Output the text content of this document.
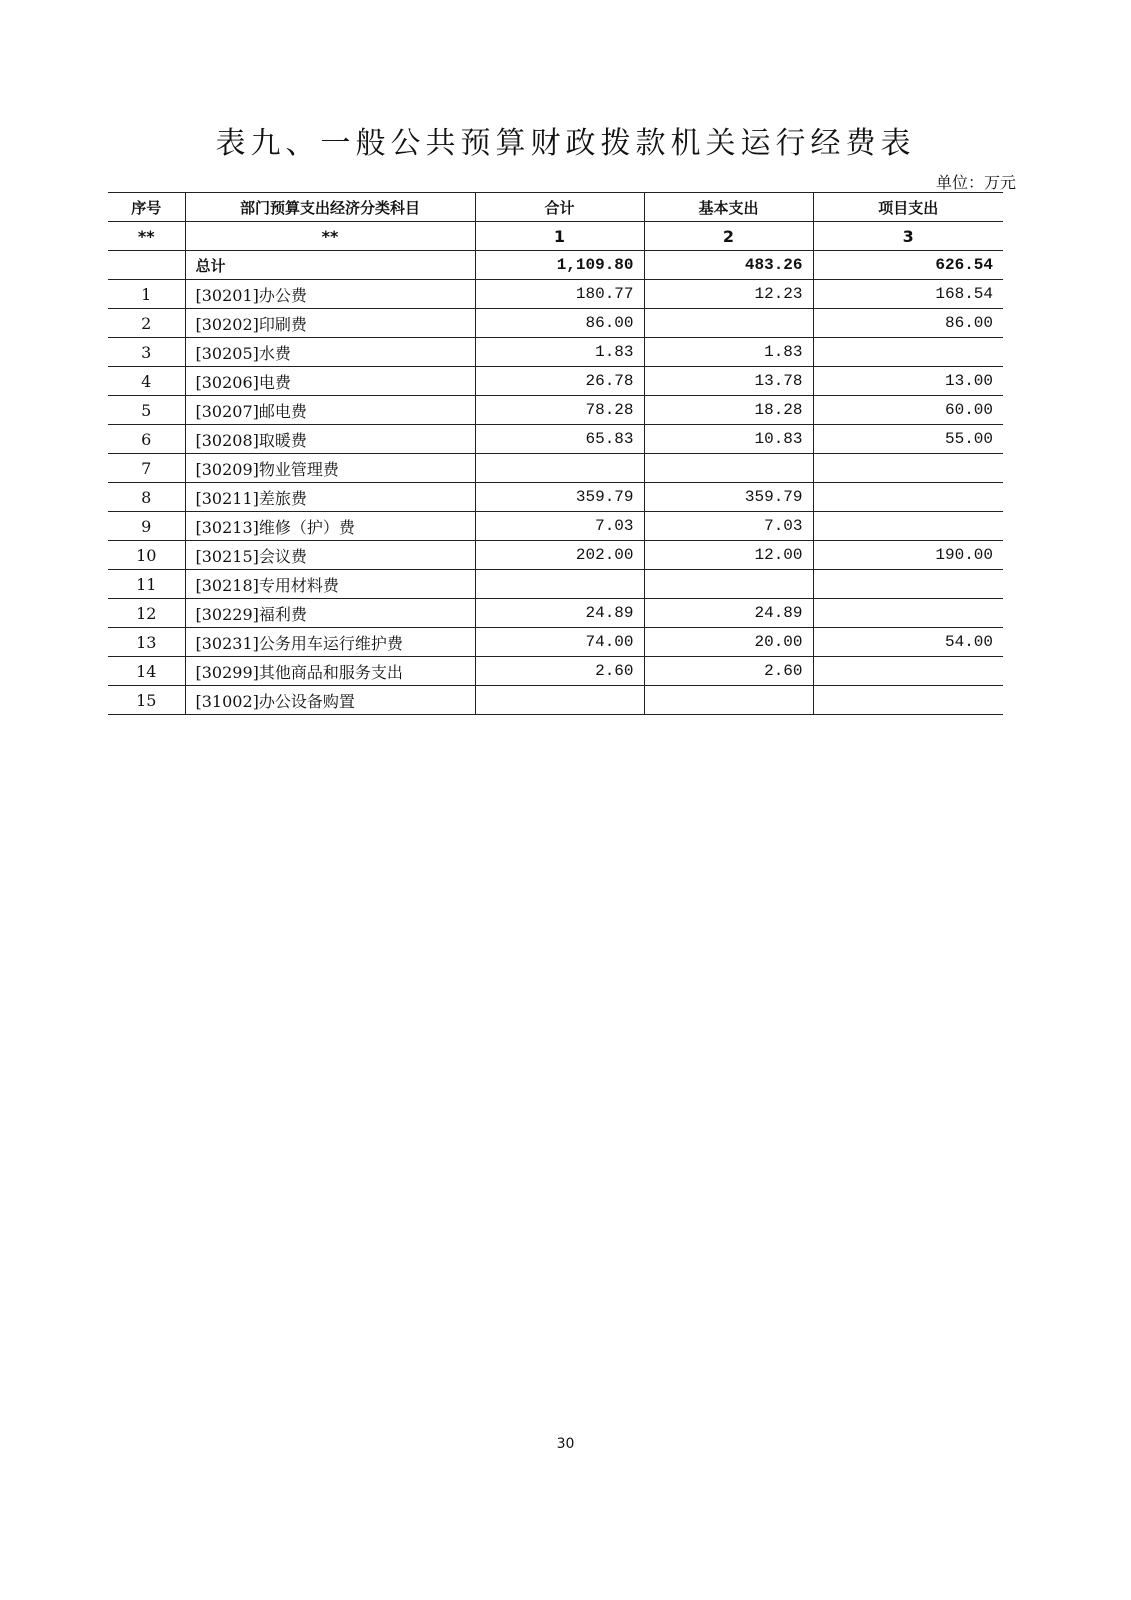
表九、一般公共预算财政拨款机关运行经费表
单位：万元
序号	部门预算支出经济分类科目	合计	基本支出	项目支出
**	**	1	2	3
	总计	1,109.80	483.26	626.54
1	[30201]办公费	180.77	12.23	168.54
2	[30202]印刷费	86.00		86.00
3	[30205]水费	1.83	1.83	
4	[30206]电费	26.78	13.78	13.00
5	[30207]邮电费	78.28	18.28	60.00
6	[30208]取暖费	65.83	10.83	55.00
7	[30209]物业管理费			
8	[30211]差旅费	359.79	359.79	
9	[30213]维修（护）费	7.03	7.03	
10	[30215]会议费	202.00	12.00	190.00
11	[30218]专用材料费			
12	[30229]福利费	24.89	24.89	
13	[30231]公务用车运行维护费	74.00	20.00	54.00
14	[30299]其他商品和服务支出	2.60	2.60	
15	[31002]办公设备购置			
30
